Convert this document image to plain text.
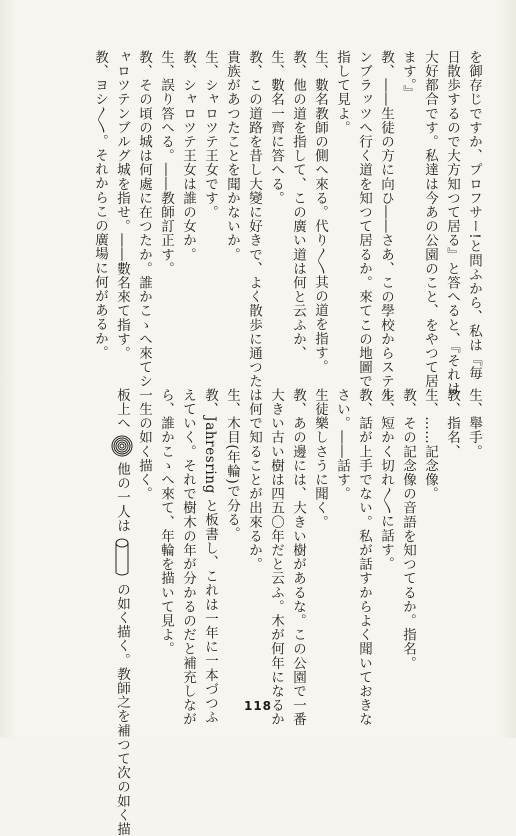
を御存じですか、プロフサー!と問ふから、私は『毎
日散歩するので大方知つて居る』と答へると、『それは
大好都合です。私達は今あの公園のこと、をやつて居
ます。』
教、――生徒の方に向ひ――さあ、この學校からステル
ンブラッツへ行く道を知つて居るか。來てこの地圖で
指して見よ。
生、數名教師の側へ來る。代り〳〵其の道を指す。
教、他の道を指して、この廣い道は何と云ふか、
生、數名一齊に答へる。
教、この道路を昔し大變に好きで、よく散歩に通つた
貴族があつたことを聞かないか。
生、シャロツテ王女です。
教、シャロツテ王女は誰の女か。
生、誤り答へる。――教師訂正す。
教、その頃の城は何處に在つたか。誰かこゝへ來てシ
ャロツテンブルグ城を指せ。――數名來て指す。
教、ヨシ〳〵。それからこの廣場に何があるか。
生、舉手。
教、指名、
生、……記念像。
教、その記念像の音語を知つてるか。指名。
生、短かく切れ〳〵に話す。
教、話が上手でない。私が話すからよく聞いておきな
さい。――話す。
生徒樂しさうに聞く。
教、あの邊には、大きい樹があるな。この公園で一番
大きい古い樹は四五〇年だと云ふ。木が何年になるか
は何で知ることが出來るか。
生、木目(年輪)で分る。
教、Jahresring と板書し、これは一年に一本づつふ
えていく。それで樹木の年が分かるのだと補充しなが
ら、誰かこゝへ來て、年輪を描いて見よ。
一生の如く描く。
板上へ  他の一人は  の如く描く。教師之を補つて次の如く描	118
